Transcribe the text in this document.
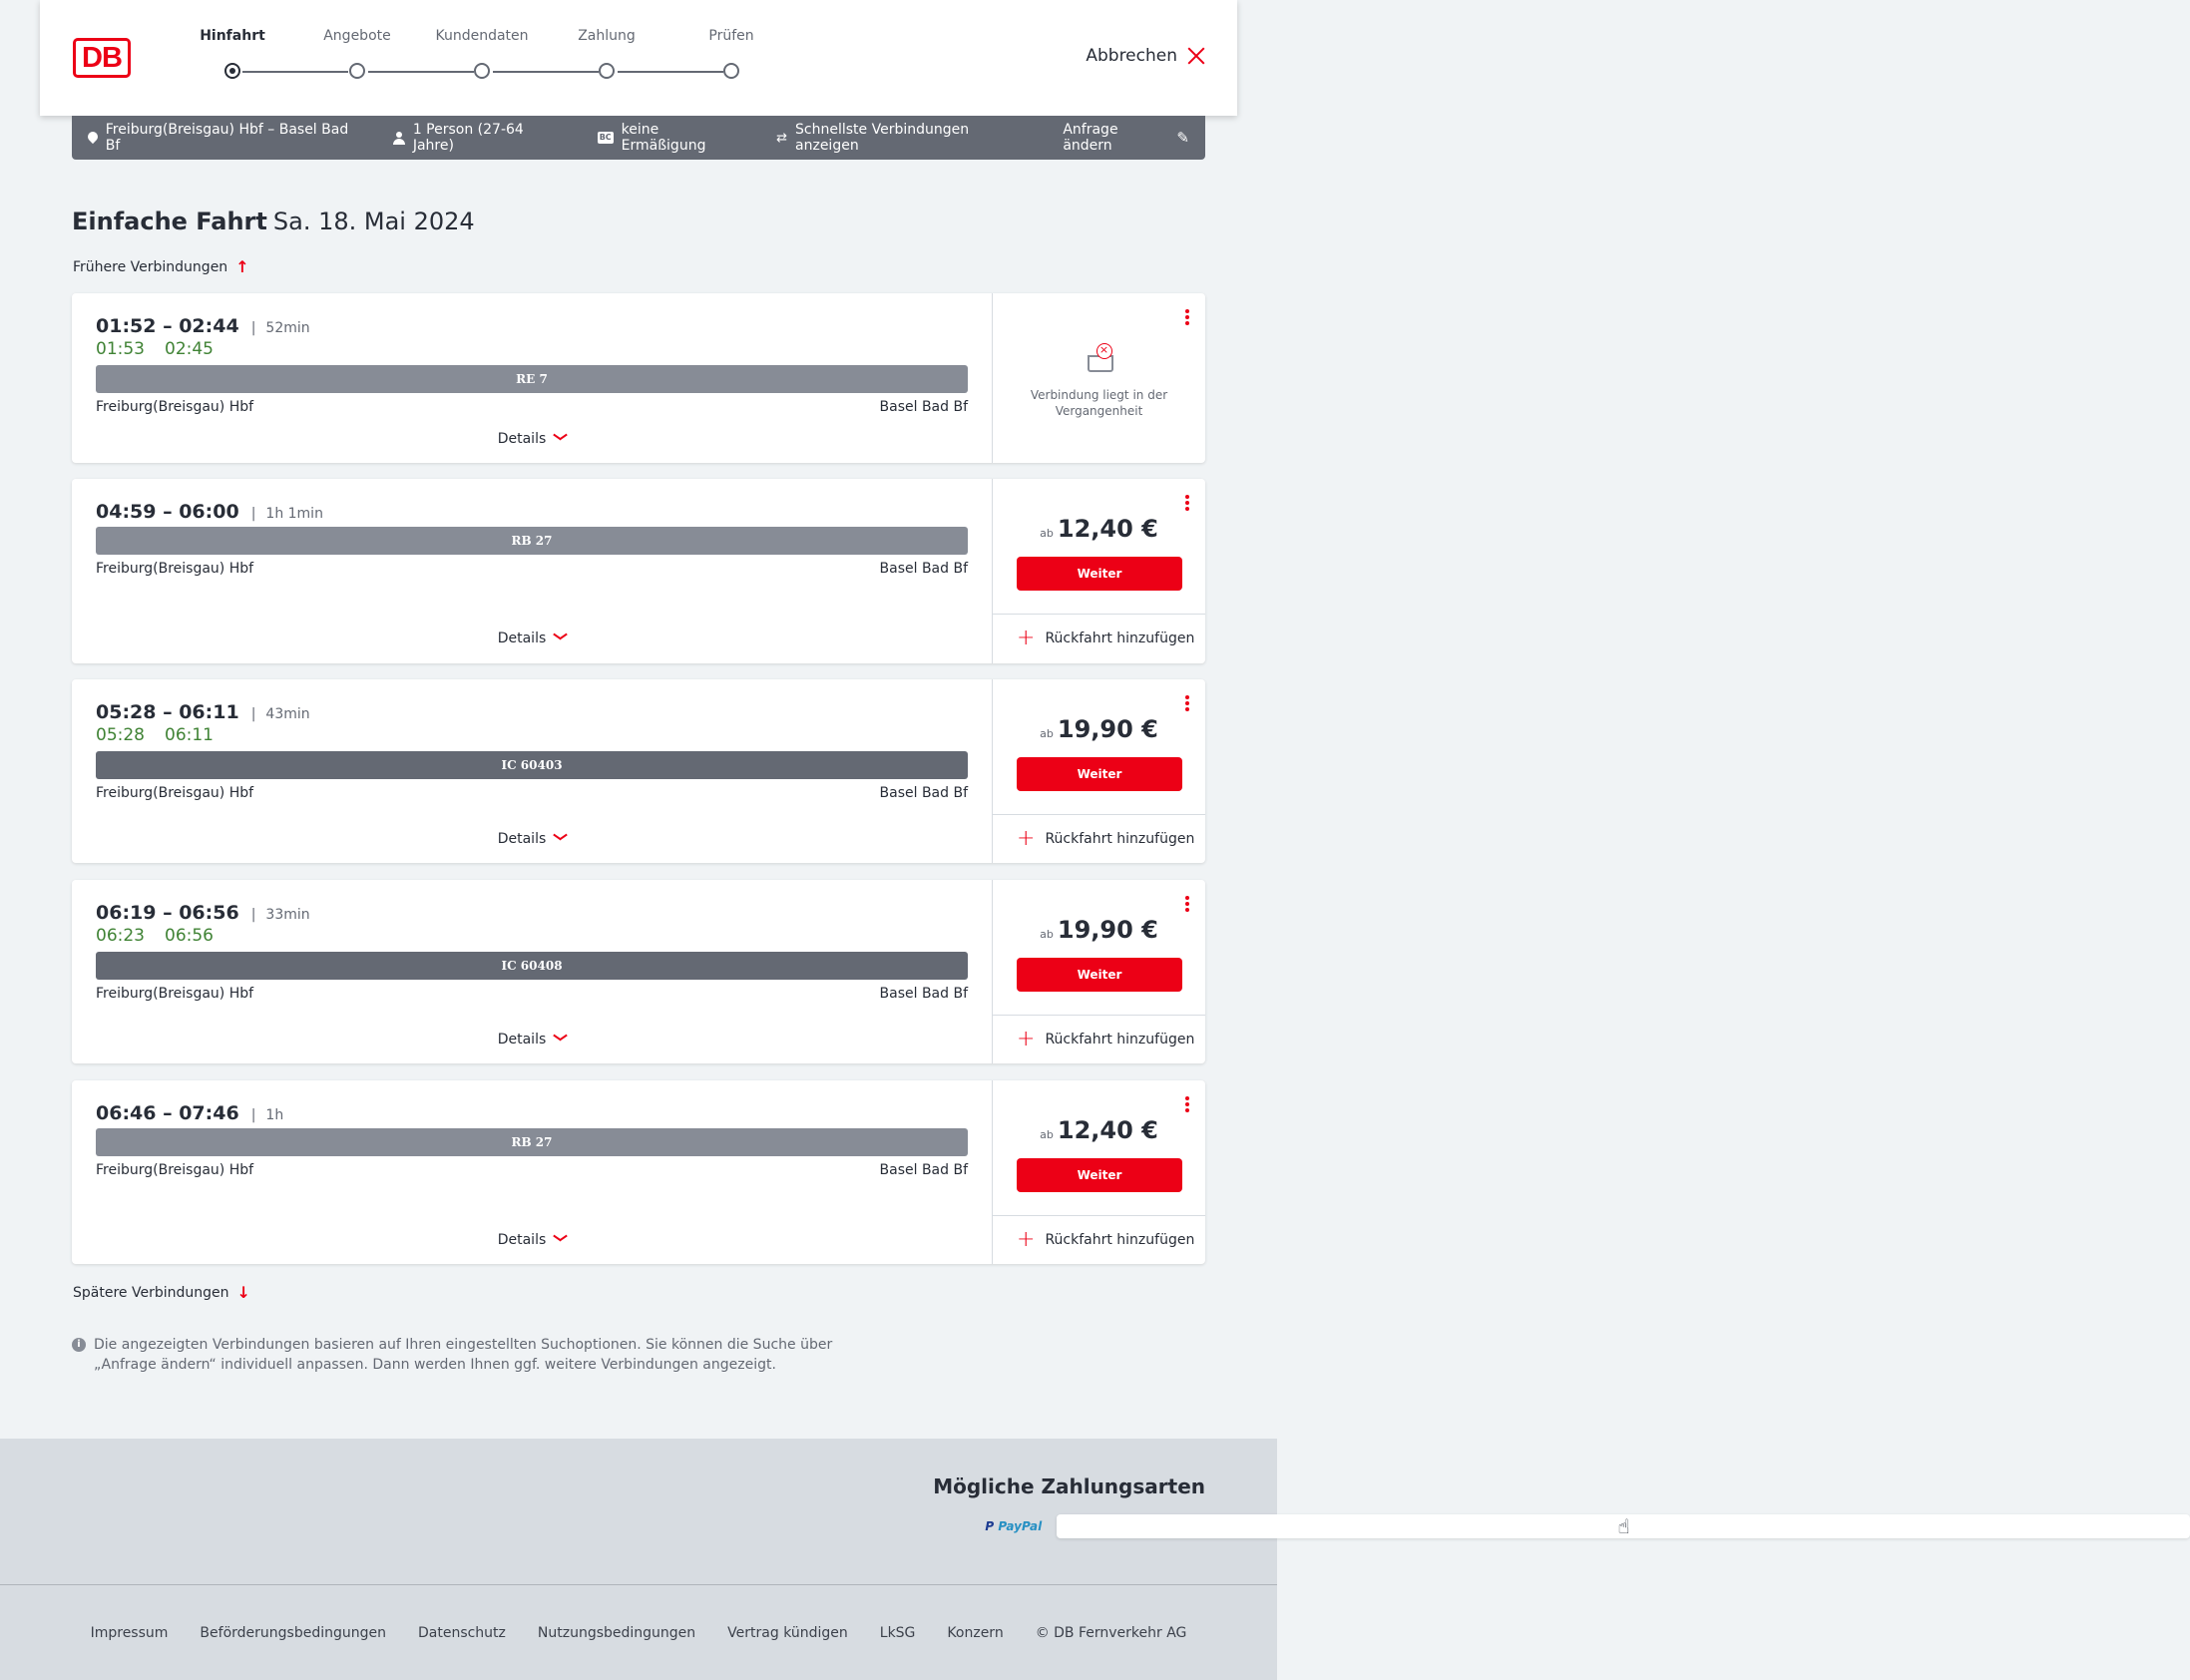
DB
Hinfahrt	Angebote	Kundendaten	Zahlung	Prüfen
Abbrechen
Freiburg(Breisgau) Hbf – Basel Bad Bf
1 Person (27-64 Jahre)
BC keine Ermäßigung	⇄ Schnellste Verbindungen anzeigen
Anfrage ändern	✎
Einfache Fahrt Sa. 18. Mai 2024
Frühere Verbindungen ↑
01:52 – 02:44 | 52min
01:53 02:45
RE 7
Freiburg(Breisgau) Hbf	Basel Bad Bf
Details
×
Verbindung liegt in der Vergangenheit
04:59 – 06:00 | 1h 1min
RB 27
Freiburg(Breisgau) Hbf	Basel Bad Bf
Details
ab 12,40 €
Weiter
+ Rückfahrt hinzufügen
05:28 – 06:11 | 43min
05:28 06:11
IC 60403
Freiburg(Breisgau) Hbf	Basel Bad Bf
Details
ab 19,90 €
Weiter
+ Rückfahrt hinzufügen
06:19 – 06:56 | 33min
06:23 06:56
IC 60408
Freiburg(Breisgau) Hbf	Basel Bad Bf
Details
ab 19,90 €
Weiter
+ Rückfahrt hinzufügen
06:46 – 07:46 | 1h
RB 27
Freiburg(Breisgau) Hbf	Basel Bad Bf
Details
ab 12,40 €
Weiter
+ Rückfahrt hinzufügen
Spätere Verbindungen ↓
i Die angezeigten Verbindungen basieren auf Ihren eingestellten Suchoptionen. Sie können die Suche über „Anfrage ändern“ individuell anpassen. Dann werden Ihnen ggf. weitere Verbindungen angezeigt.
Mögliche Zahlungsarten
P PayPal	☝

Impressum Beförderungsbedingungen Datenschutz Nutzungsbedingungen Vertrag kündigen LkSG Konzern © DB Fernverkehr AG
